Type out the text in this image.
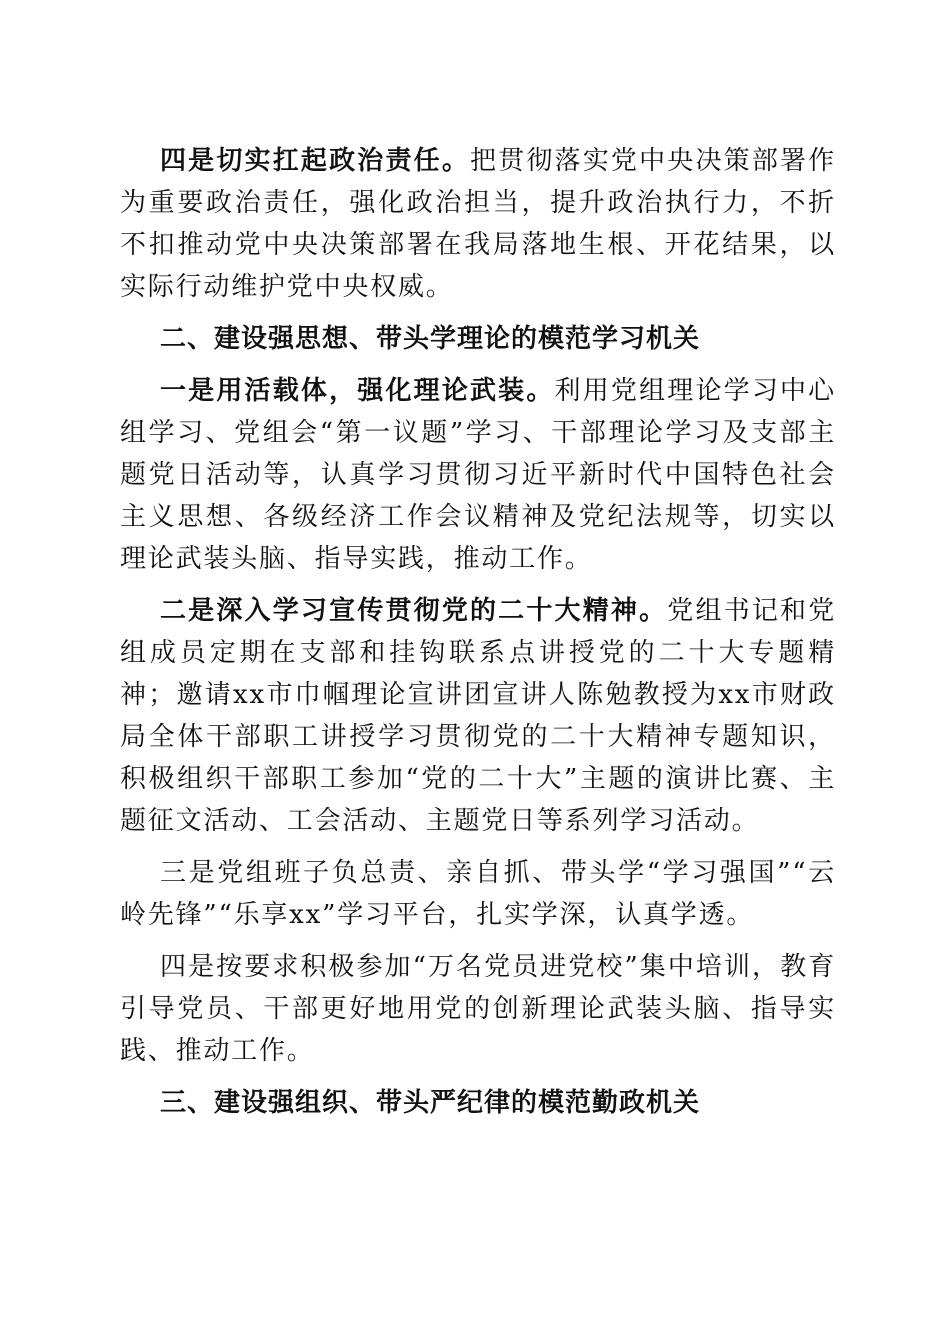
四是切实扛起政治责任。把贯彻落实党中央决策部署作为重要政治责任，强化政治担当，提升政治执行力，不折不扣推动党中央决策部署在我局落地生根、开花结果，以实际行动维护党中央权威。

二、建设强思想、带头学理论的模范学习机关

一是用活载体，强化理论武装。利用党组理论学习中心组学习、党组会“第一议题”学习、干部理论学习及支部主题党日活动等，认真学习贯彻习近平新时代中国特色社会主义思想、各级经济工作会议精神及党纪法规等，切实以理论武装头脑、指导实践，推动工作。

二是深入学习宣传贯彻党的二十大精神。党组书记和党组成员定期在支部和挂钩联系点讲授党的二十大专题精神；邀请xx市巾帼理论宣讲团宣讲人陈勉教授为xx市财政局全体干部职工讲授学习贯彻党的二十大精神专题知识，积极组织干部职工参加“党的二十大”主题的演讲比赛、主题征文活动、工会活动、主题党日等系列学习活动。

三是党组班子负总责、亲自抓、带头学“学习强国”“云岭先锋”“乐享xx”学习平台，扎实学深，认真学透。

四是按要求积极参加“万名党员进党校”集中培训，教育引导党员、干部更好地用党的创新理论武装头脑、指导实践、推动工作。

三、建设强组织、带头严纪律的模范勤政机关
